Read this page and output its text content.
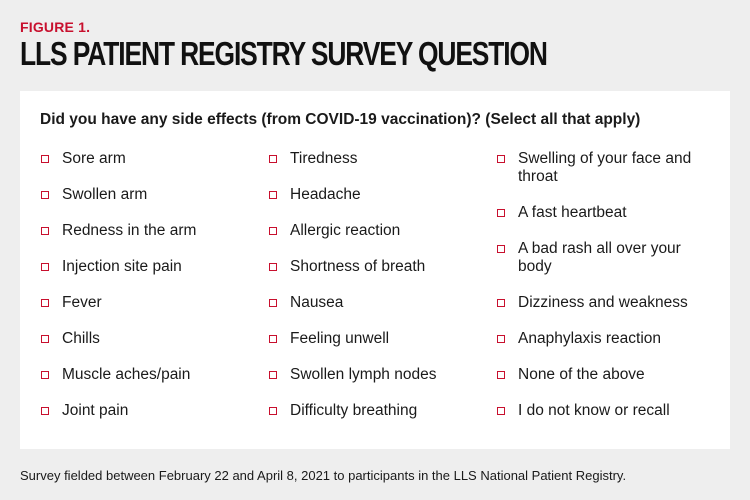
FIGURE 1.
LLS PATIENT REGISTRY SURVEY QUESTION
Did you have any side effects (from COVID-19 vaccination)? (Select all that apply)
Sore arm
Swollen arm
Redness in the arm
Injection site pain
Fever
Chills
Muscle aches/pain
Joint pain
Tiredness
Headache
Allergic reaction
Shortness of breath
Nausea
Feeling unwell
Swollen lymph nodes
Difficulty breathing
Swelling of your face and throat
A fast heartbeat
A bad rash all over your body
Dizziness and weakness
Anaphylaxis reaction
None of the above
I do not know or recall
Survey fielded between February 22 and April 8, 2021 to participants in the LLS National Patient Registry.
